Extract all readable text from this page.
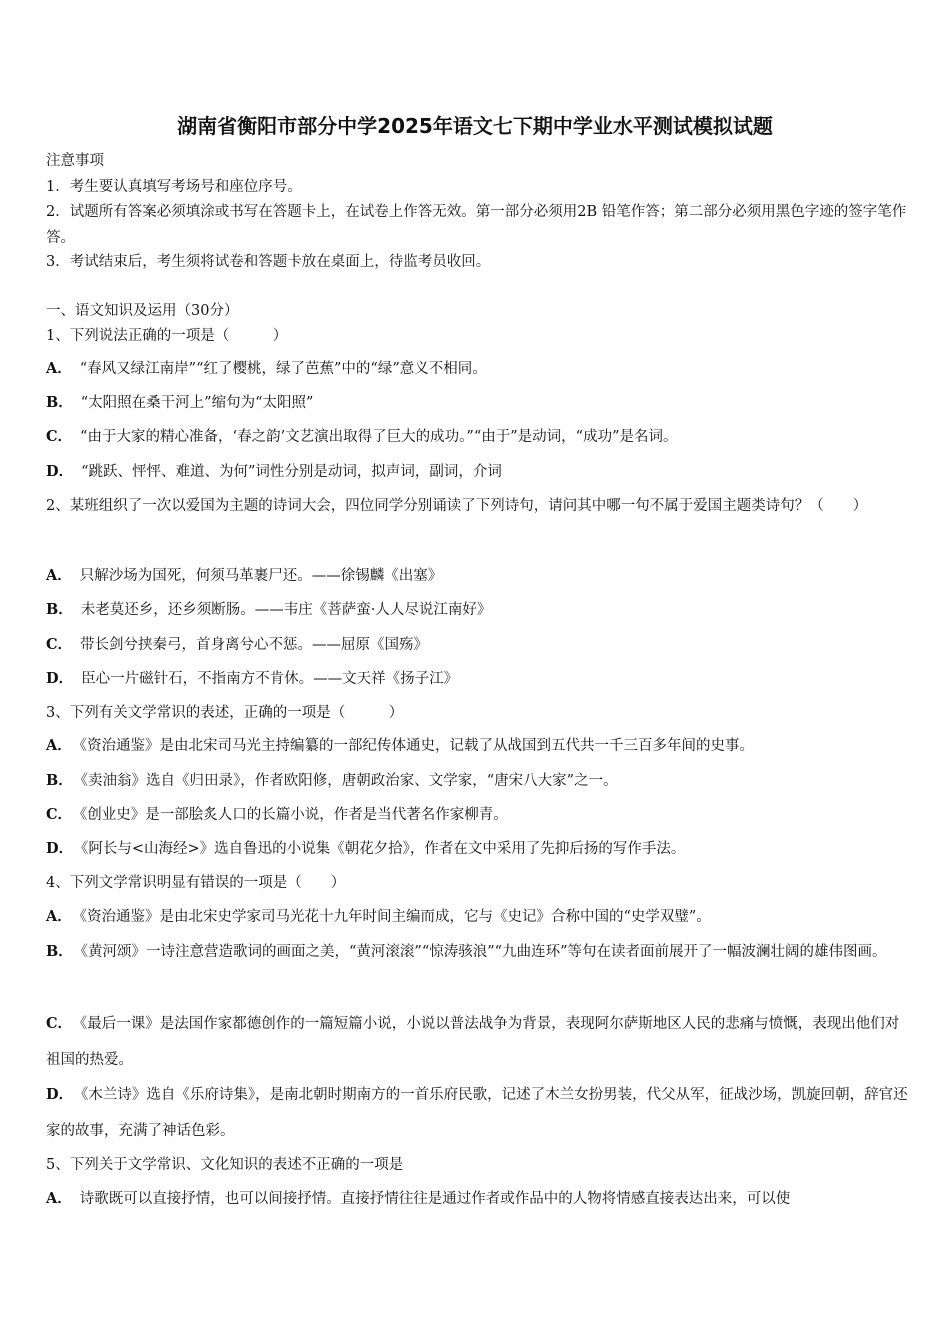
湖南省衡阳市部分中学2025年语文七下期中学业水平测试模拟试题
注意事项
1．考生要认真填写考场号和座位序号。
2．试题所有答案必须填涂或书写在答题卡上，在试卷上作答无效。第一部分必须用2B 铅笔作答；第二部分必须用黑色字迹的签字笔作答。
3．考试结束后，考生须将试卷和答题卡放在桌面上，待监考员收回。
一、语文知识及运用（30分）
1、下列说法正确的一项是（　　　）
A． “春风又绿江南岸”“红了樱桃，绿了芭蕉”中的“绿”意义不相同。
B． “太阳照在桑干河上”缩句为“太阳照”
C． “由于大家的精心准备，‘春之韵’文艺演出取得了巨大的成功。”“由于”是动词，“成功”是名词。
D． “跳跃、怦怦、难道、为何”词性分别是动词，拟声词，副词，介词
2、某班组织了一次以爱国为主题的诗词大会，四位同学分别诵读了下列诗句，请问其中哪一句不属于爱国主题类诗句？（　　）
A． 只解沙场为国死，何须马革裹尸还。——徐锡麟《出塞》
B． 未老莫还乡，还乡须断肠。——韦庄《菩萨蛮·人人尽说江南好》
C． 带长剑兮挟秦弓，首身离兮心不惩。——屈原《国殇》
D． 臣心一片磁针石，不指南方不肯休。——文天祥《扬子江》
3、下列有关文学常识的表述，正确的一项是（　　　）
A． 《资治通鉴》是由北宋司马光主持编纂的一部纪传体通史，记载了从战国到五代共一千三百多年间的史事。
B． 《卖油翁》选自《归田录》，作者欧阳修，唐朝政治家、文学家，“唐宋八大家”之一。
C． 《创业史》是一部脍炙人口的长篇小说，作者是当代著名作家柳青。
D． 《阿长与<山海经>》选自鲁迅的小说集《朝花夕拾》，作者在文中采用了先抑后扬的写作手法。
4、下列文学常识明显有错误的一项是（　　）
A． 《资治通鉴》是由北宋史学家司马光花十九年时间主编而成，它与《史记》合称中国的“史学双璧”。
B． 《黄河颂》一诗注意营造歌词的画面之美，“黄河滚滚”“惊涛骇浪”“九曲连环”等句在读者面前展开了一幅波澜壮阔的雄伟图画。
C． 《最后一课》是法国作家都德创作的一篇短篇小说，小说以普法战争为背景，表现阿尔萨斯地区人民的悲痛与愤慨，表现出他们对祖国的热爱。
D． 《木兰诗》选自《乐府诗集》，是南北朝时期南方的一首乐府民歌，记述了木兰女扮男装，代父从军，征战沙场，凯旋回朝，辞官还家的故事，充满了神话色彩。
5、下列关于文学常识、文化知识的表述不正确的一项是
A． 诗歌既可以直接抒情，也可以间接抒情。直接抒情往往是通过作者或作品中的人物将情感直接表达出来，可以使
